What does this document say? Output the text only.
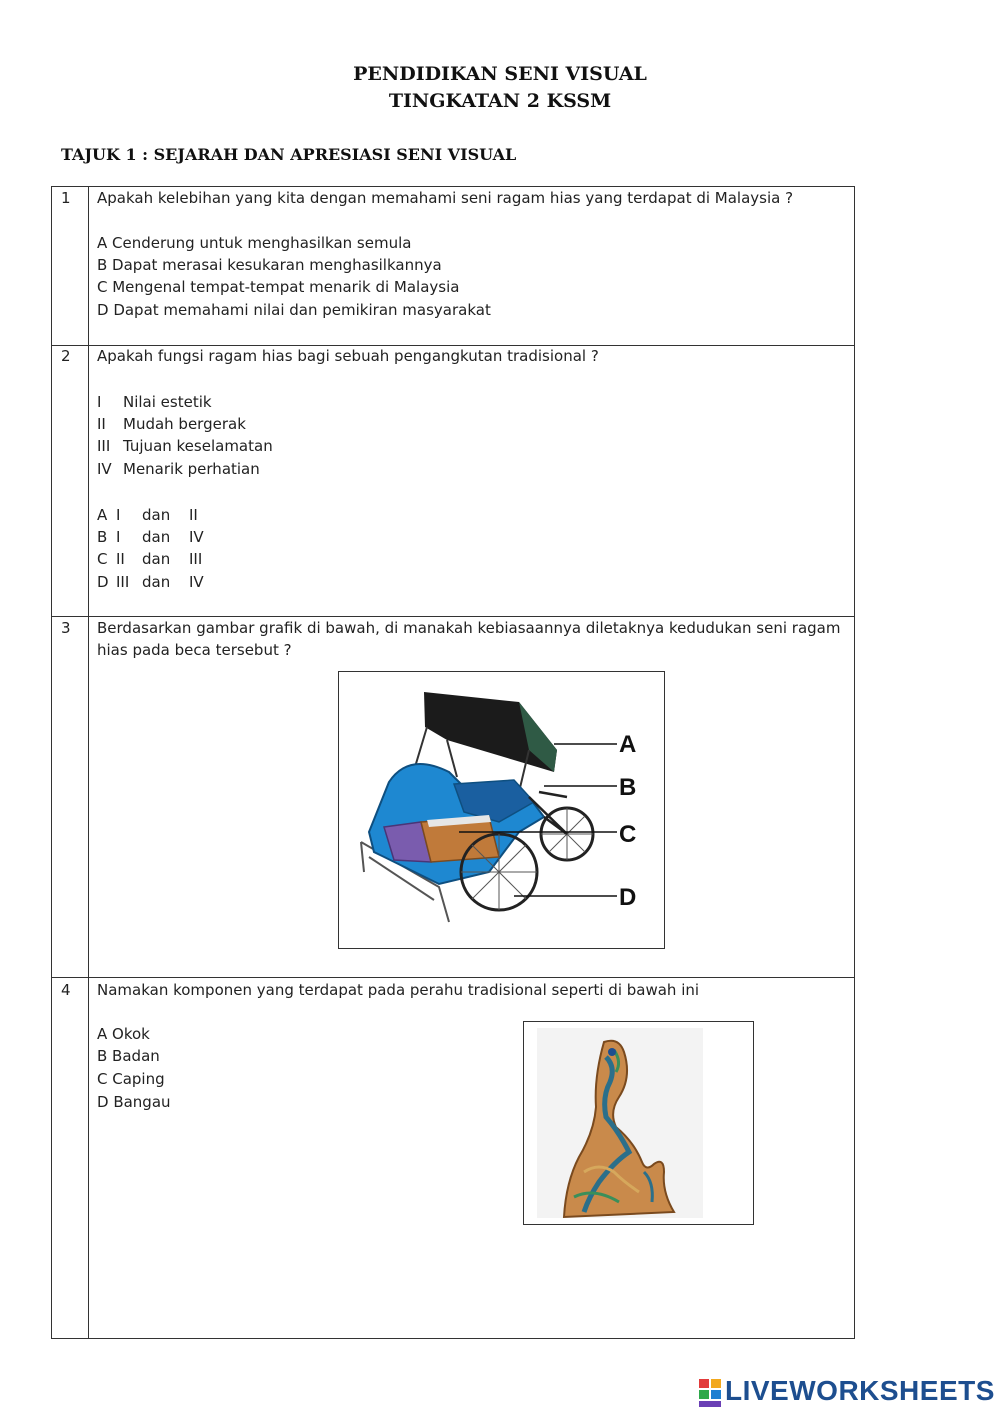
PENDIDIKAN SENI VISUAL
TINGKATAN 2 KSSM
TAJUK 1 : SEJARAH DAN APRESIASI SENI VISUAL
1 Apakah kelebihan yang kita dengan memahami seni ragam hias yang terdapat di Malaysia ?
A Cenderung untuk menghasilkan semula
B Dapat merasai kesukaran menghasilkannya
C Mengenal tempat-tempat menarik di Malaysia
D Dapat memahami nilai dan pemikiran masyarakat
2 Apakah fungsi ragam hias bagi sebuah pengangkutan tradisional ?
I Nilai estetik
II Mudah bergerak
III Tujuan keselamatan
IV Menarik perhatian
A I dan II
B I dan IV
C II dan III
D III dan IV
3 Berdasarkan gambar grafik di bawah, di manakah kebiasaannya diletaknya kedudukan seni ragam
hias pada beca tersebut ?
A
B
C
D
4 Namakan komponen yang terdapat pada perahu tradisional seperti di bawah ini
A Okok
B Badan
C Caping
D Bangau
LIVEWORKSHEETS
